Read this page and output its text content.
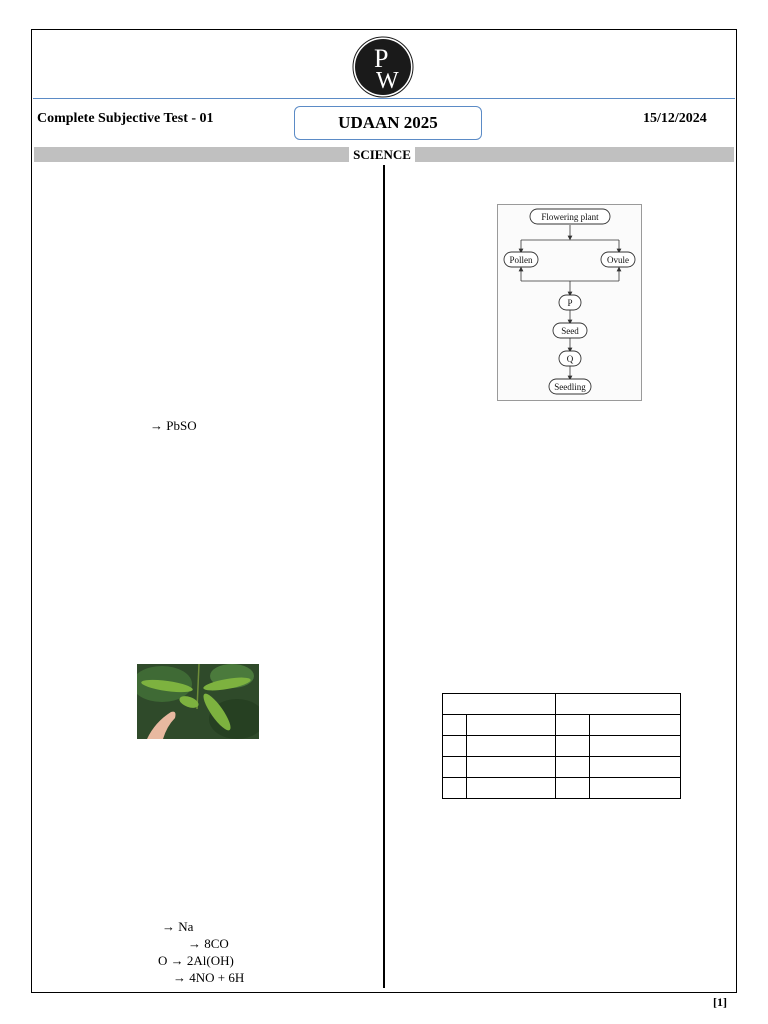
P
W
Complete Subjective Test - 01	UDAAN 2025	15/12/2024
SCIENCE
→ PbSO
→ Na
→ 8CO
O → 2Al(OH)
→ 4NO + 6H
Flowering plant
Pollen	Ovule
P
Seed
Q
Seedling

[1]
